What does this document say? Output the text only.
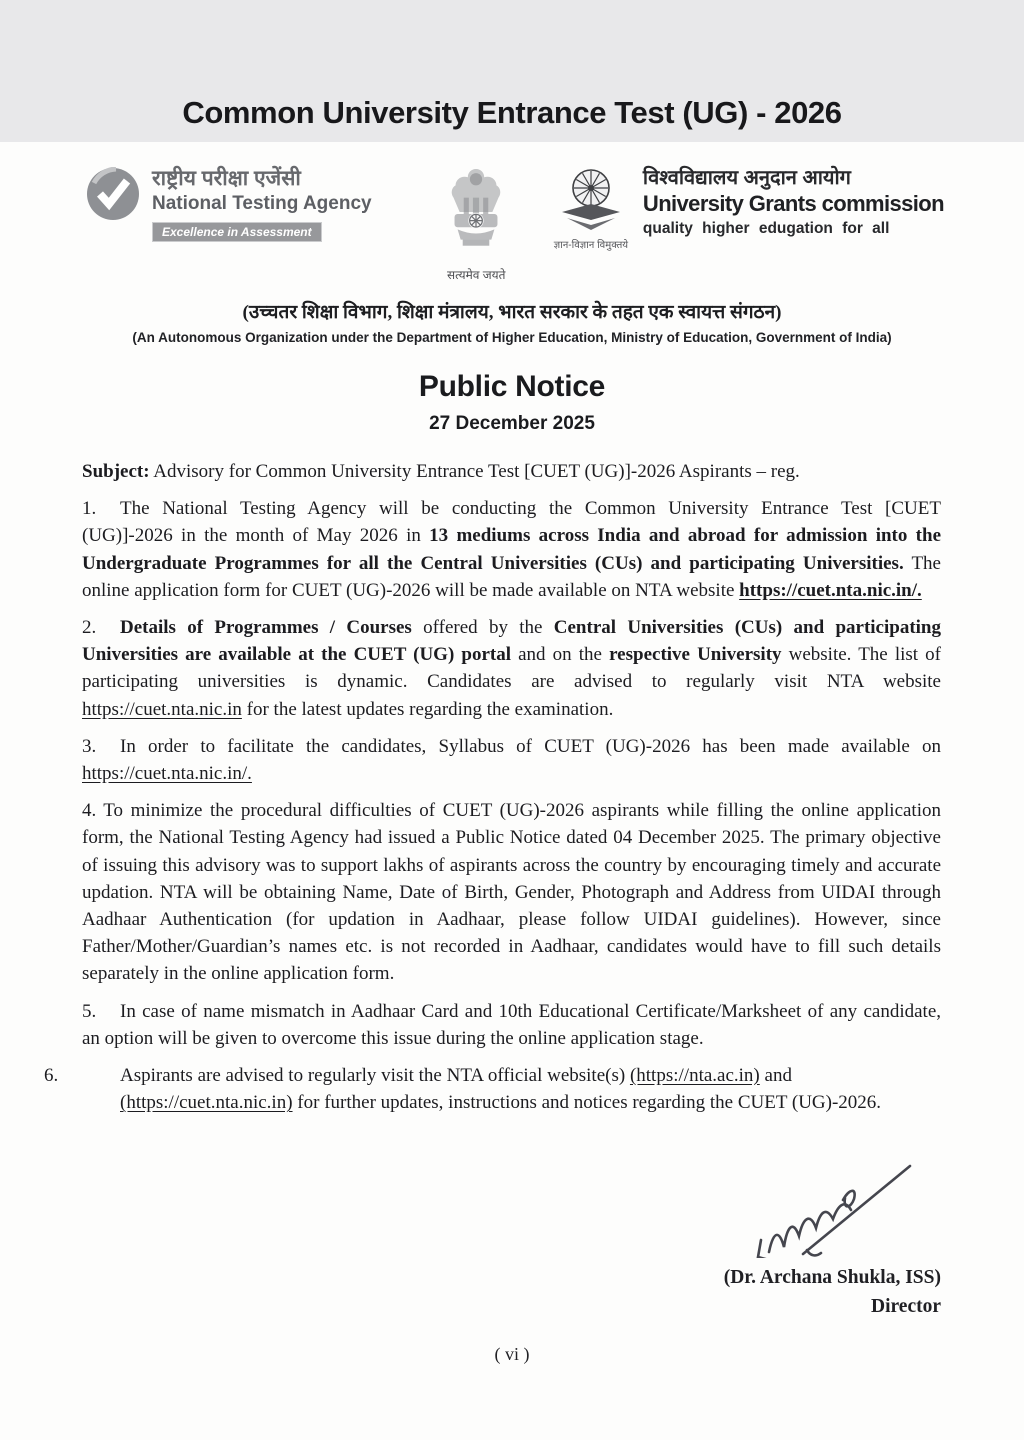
Common University Entrance Test (UG) - 2026
राष्ट्रीय परीक्षा एजेंसी
National Testing Agency
Excellence in Assessment
सत्यमेव जयते
ज्ञान-विज्ञान विमुक्तये
विश्वविद्यालय अनुदान आयोग
University Grants commission
quality higher edugation for all
(उच्चतर शिक्षा विभाग, शिक्षा मंत्रालय, भारत सरकार के तहत एक स्वायत्त संगठन)
(An Autonomous Organization under the Department of Higher Education, Ministry of Education, Government of India)
Public Notice
27 December 2025

Subject: Advisory for Common University Entrance Test [CUET (UG)]-2026 Aspirants – reg.

1. The National Testing Agency will be conducting the Common University Entrance Test [CUET (UG)]-2026 in the month of May 2026 in 13 mediums across India and abroad for admission into the Undergraduate Programmes for all the Central Universities (CUs) and participating Universities. The online application form for CUET (UG)-2026 will be made available on NTA website https://cuet.nta.nic.in/.

2. Details of Programmes / Courses offered by the Central Universities (CUs) and participating Universities are available at the CUET (UG) portal and on the respective University website. The list of participating universities is dynamic. Candidates are advised to regularly visit NTA website https://cuet.nta.nic.in for the latest updates regarding the examination.

3. In order to facilitate the candidates, Syllabus of CUET (UG)-2026 has been made available on https://cuet.nta.nic.in/.

4. To minimize the procedural difficulties of CUET (UG)-2026 aspirants while filling the online application form, the National Testing Agency had issued a Public Notice dated 04 December 2025. The primary objective of issuing this advisory was to support lakhs of aspirants across the country by encouraging timely and accurate updation. NTA will be obtaining Name, Date of Birth, Gender, Photograph and Address from UIDAI through Aadhaar Authentication (for updation in Aadhaar, please follow UIDAI guidelines). However, since Father/Mother/Guardian’s names etc. is not recorded in Aadhaar, candidates would have to fill such details separately in the online application form.

5. In case of name mismatch in Aadhaar Card and 10th Educational Certificate/Marksheet of any candidate, an option will be given to overcome this issue during the online application stage.

6.	Aspirants are advised to regularly visit the NTA official website(s) (https://nta.ac.in) and (https://cuet.nta.nic.in) for further updates, instructions and notices regarding the CUET (UG)-2026.

(Dr. Archana Shukla, ISS)
Director
( vi )
